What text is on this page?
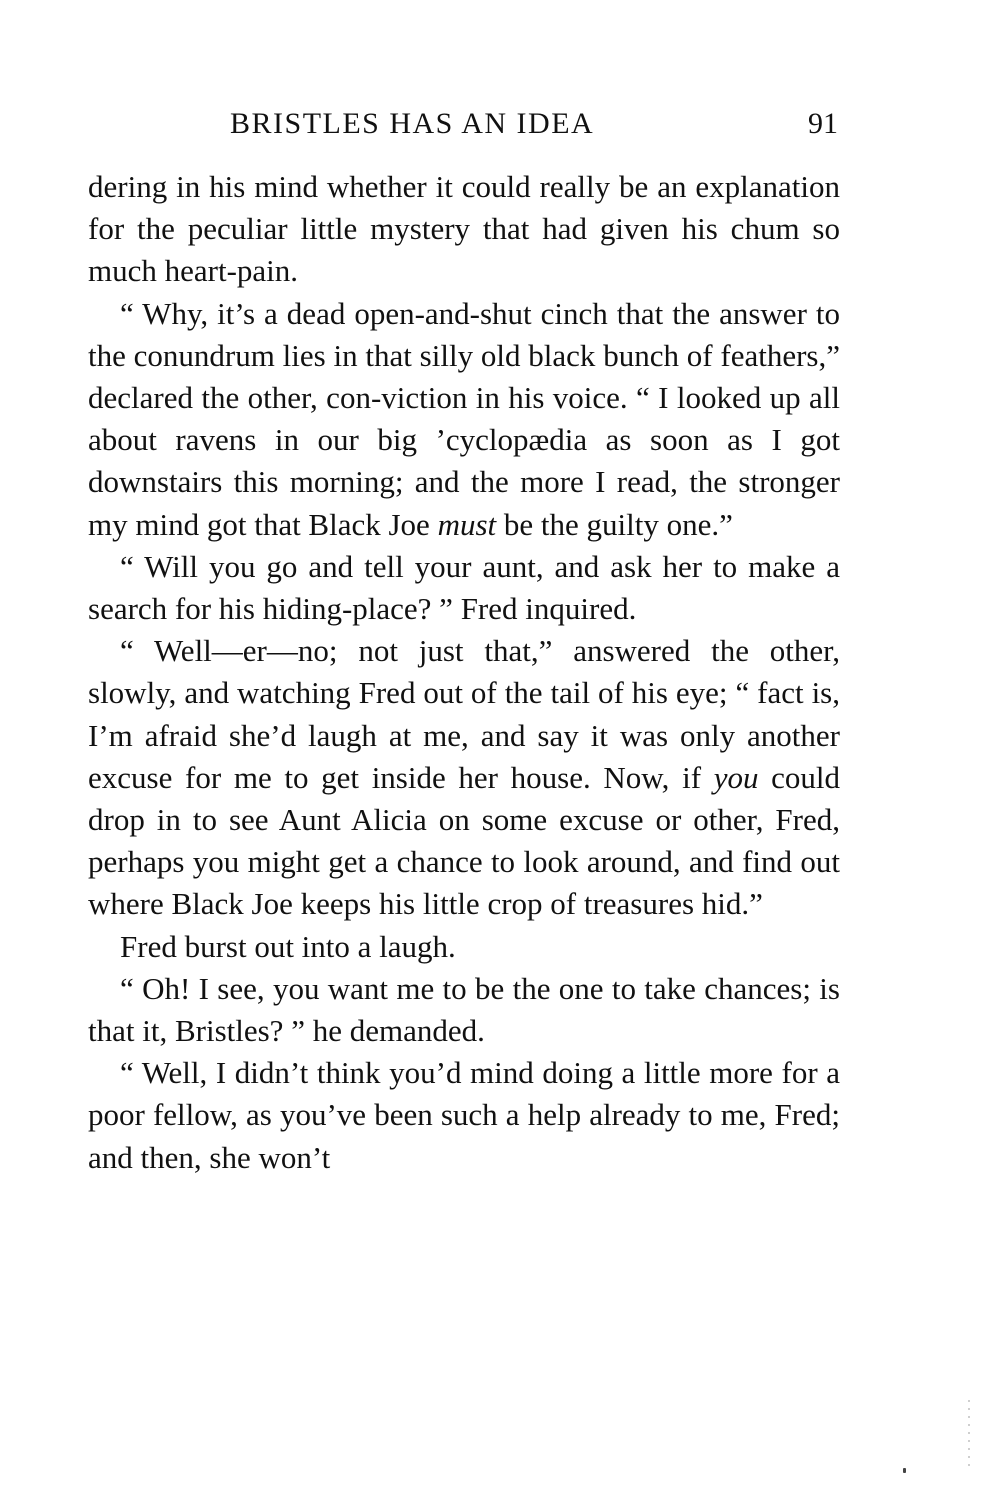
BRISTLES HAS AN IDEA	91

dering in his mind whether it could really be an explanation for the peculiar little mystery that had given his chum so much heart-pain.

“ Why, it’s a dead open-and-shut cinch that the answer to the conundrum lies in that silly old black bunch of feathers,” declared the other, con-viction in his voice. “ I looked up all about ravens in our big ’cyclopædia as soon as I got downstairs this morning; and the more I read, the stronger my mind got that Black Joe must be the guilty one.”

“ Will you go and tell your aunt, and ask her to make a search for his hiding-place? ” Fred inquired.

“ Well—er—no; not just that,” answered the other, slowly, and watching Fred out of the tail of his eye; “ fact is, I’m afraid she’d laugh at me, and say it was only another excuse for me to get inside her house. Now, if you could drop in to see Aunt Alicia on some excuse or other, Fred, perhaps you might get a chance to look around, and find out where Black Joe keeps his little crop of treasures hid.”

Fred burst out into a laugh.

“ Oh! I see, you want me to be the one to take chances; is that it, Bristles? ” he demanded.

“ Well, I didn’t think you’d mind doing a little more for a poor fellow, as you’ve been such a help already to me, Fred; and then, she won’t
